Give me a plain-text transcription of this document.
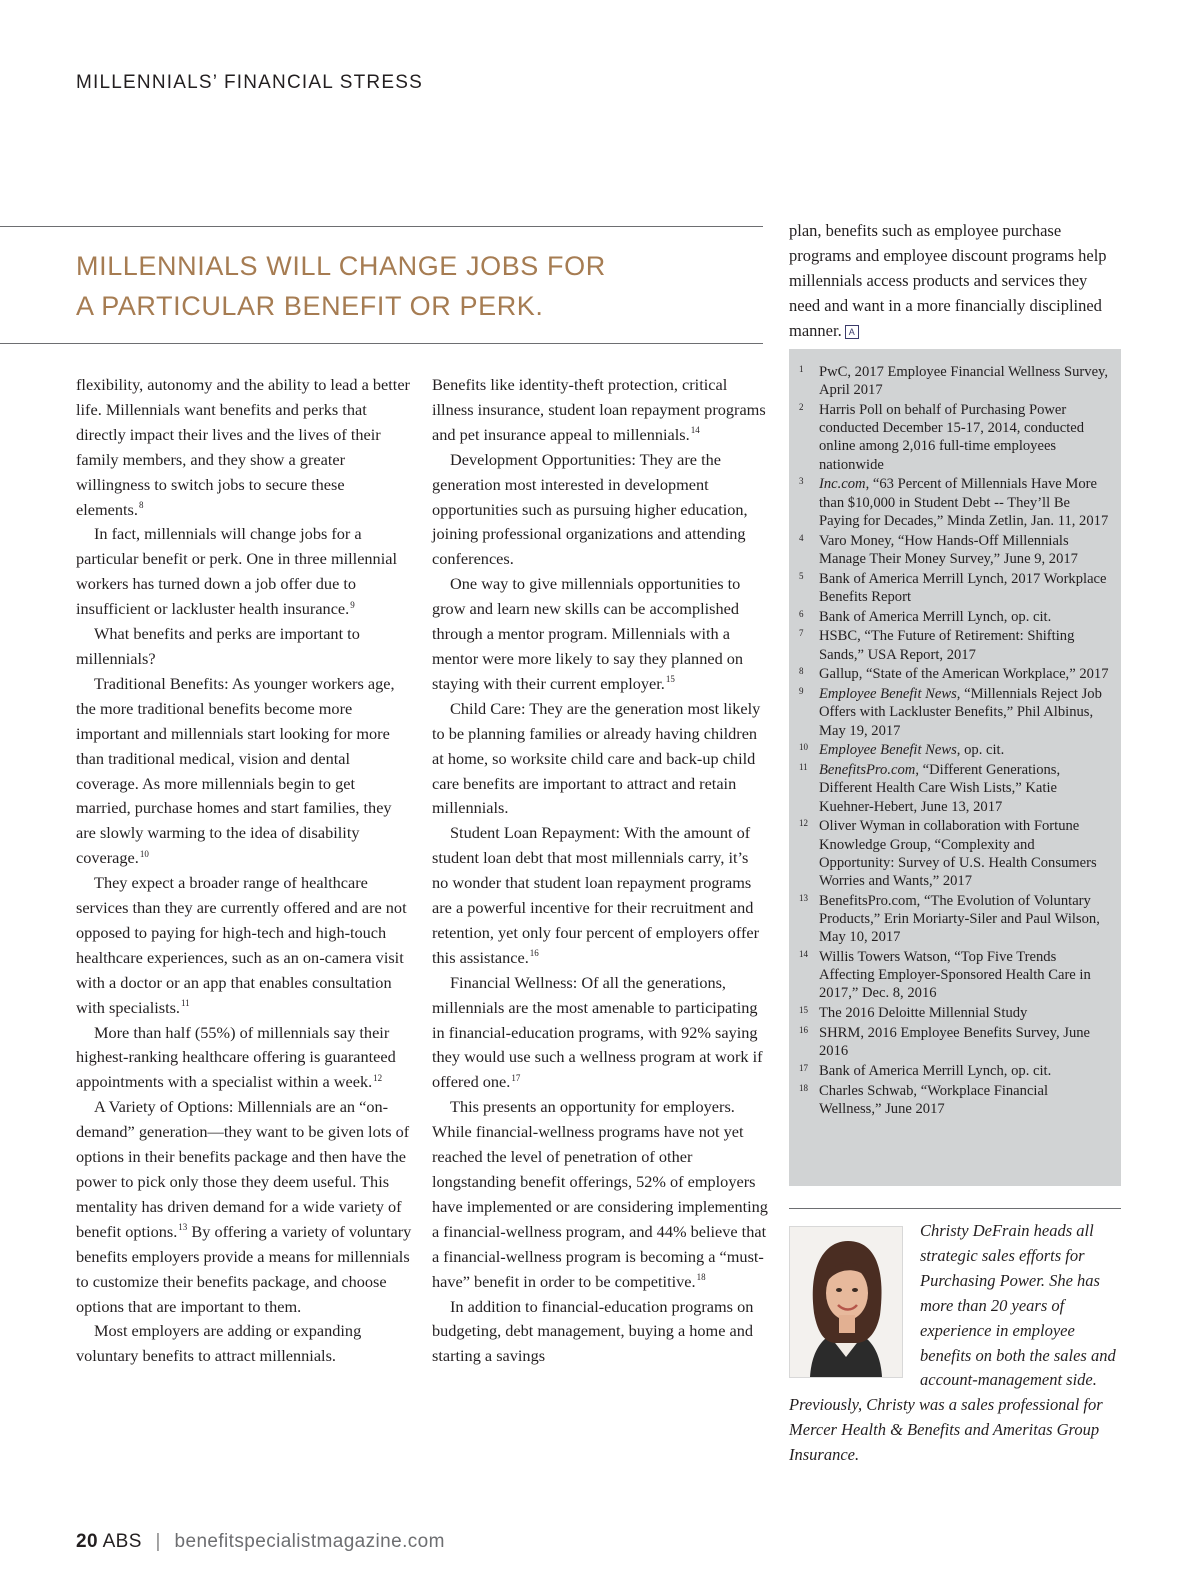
MILLENNIALS’ FINANCIAL STRESS
MILLENNIALS WILL CHANGE JOBS FOR
A PARTICULAR BENEFIT OR PERK.

flexibility, autonomy and the ability to lead a better life. Millennials want benefits and perks that directly impact their lives and the lives of their family members, and they show a greater willingness to switch jobs to secure these elements.$^8$

In fact, millennials will change jobs for a particular benefit or perk. One in three millennial workers has turned down a job offer due to insufficient or lackluster health insurance.$^9$

What benefits and perks are important to millennials?

Traditional Benefits: As younger workers age, the more traditional benefits become more important and millennials start looking for more than traditional medical, vision and dental coverage. As more millennials begin to get married, purchase homes and start families, they are slowly warming to the idea of disability coverage.$^{10}$

They expect a broader range of healthcare services than they are currently offered and are not opposed to paying for high-tech and high-touch healthcare experiences, such as an on-camera visit with a doctor or an app that enables consultation with specialists.$^{11}$

More than half (55%) of millennials say their highest-ranking healthcare offering is guaranteed appointments with a specialist within a week.$^{12}$

A Variety of Options: Millennials are an “on-demand” generation—they want to be given lots of options in their benefits package and then have the power to pick only those they deem useful. This mentality has driven demand for a wide variety of benefit options.$^{13}$ By offering a variety of voluntary benefits employers provide a means for millennials to customize their benefits package, and choose options that are important to them.

Most employers are adding or expanding voluntary benefits to attract millennials.

Benefits like identity-theft protection, critical illness insurance, student loan repayment programs and pet insurance appeal to millennials.$^{14}$

Development Opportunities: They are the generation most interested in development opportunities such as pursuing higher education, joining professional organizations and attending conferences.

One way to give millennials opportunities to grow and learn new skills can be accomplished through a mentor program. Millennials with a mentor were more likely to say they planned on staying with their current employer.$^{15}$

Child Care: They are the generation most likely to be planning families or already having children at home, so worksite child care and back-up child care benefits are important to attract and retain millennials.

Student Loan Repayment: With the amount of student loan debt that most millennials carry, it’s no wonder that student loan repayment programs are a powerful incentive for their recruitment and retention, yet only four percent of employers offer this assistance.$^{16}$

Financial Wellness: Of all the generations, millennials are the most amenable to participating in financial-education programs, with 92% saying they would use such a wellness program at work if offered one.$^{17}$

This presents an opportunity for employers. While financial-wellness programs have not yet reached the level of penetration of other longstanding benefit offerings, 52% of employers have implemented or are considering implementing a financial-wellness program, and 44% believe that a financial-wellness program is becoming a “must-have” benefit in order to be competitive.$^{18}$

In addition to financial-education programs on budgeting, debt management, buying a home and starting a savings

plan, benefits such as employee purchase programs and employee discount programs help millennials access products and services they need and want in a more financially disciplined manner. A

1 PwC, 2017 Employee Financial Wellness Survey, April 2017
2 Harris Poll on behalf of Purchasing Power conducted December 15-17, 2014, conducted online among 2,016 full-time employees nationwide
3 Inc.com, “63 Percent of Millennials Have More than $10,000 in Student Debt -- They’ll Be Paying for Decades,” Minda Zetlin, Jan. 11, 2017
4 Varo Money, “How Hands-Off Millennials Manage Their Money Survey,” June 9, 2017
5 Bank of America Merrill Lynch, 2017 Workplace Benefits Report
6 Bank of America Merrill Lynch, op. cit.
7 HSBC, “The Future of Retirement: Shifting Sands,” USA Report, 2017
8 Gallup, “State of the American Workplace,” 2017
9 Employee Benefit News, “Millennials Reject Job Offers with Lackluster Benefits,” Phil Albinus, May 19, 2017
10 Employee Benefit News, op. cit.
11 BenefitsPro.com, “Different Generations, Different Health Care Wish Lists,” Katie Kuehner-Hebert, June 13, 2017
12 Oliver Wyman in collaboration with Fortune Knowledge Group, “Complexity and Opportunity: Survey of U.S. Health Consumers Worries and Wants,” 2017
13 BenefitsPro.com, “The Evolution of Voluntary Products,” Erin Moriarty-Siler and Paul Wilson, May 10, 2017
14 Willis Towers Watson, “Top Five Trends Affecting Employer-Sponsored Health Care in 2017,” Dec. 8, 2016
15 The 2016 Deloitte Millennial Study
16 SHRM, 2016 Employee Benefits Survey, June 2016
17 Bank of America Merrill Lynch, op. cit.
18 Charles Schwab, “Workplace Financial Wellness,” June 2017

Christy DeFrain heads all strategic sales efforts for Purchasing Power. She has more than 20 years of experience in employee benefits on both the sales and account-management side. Previously, Christy was a sales professional for Mercer Health & Benefits and Ameritas Group Insurance.

20 ABS | benefitspecialistmagazine.com
